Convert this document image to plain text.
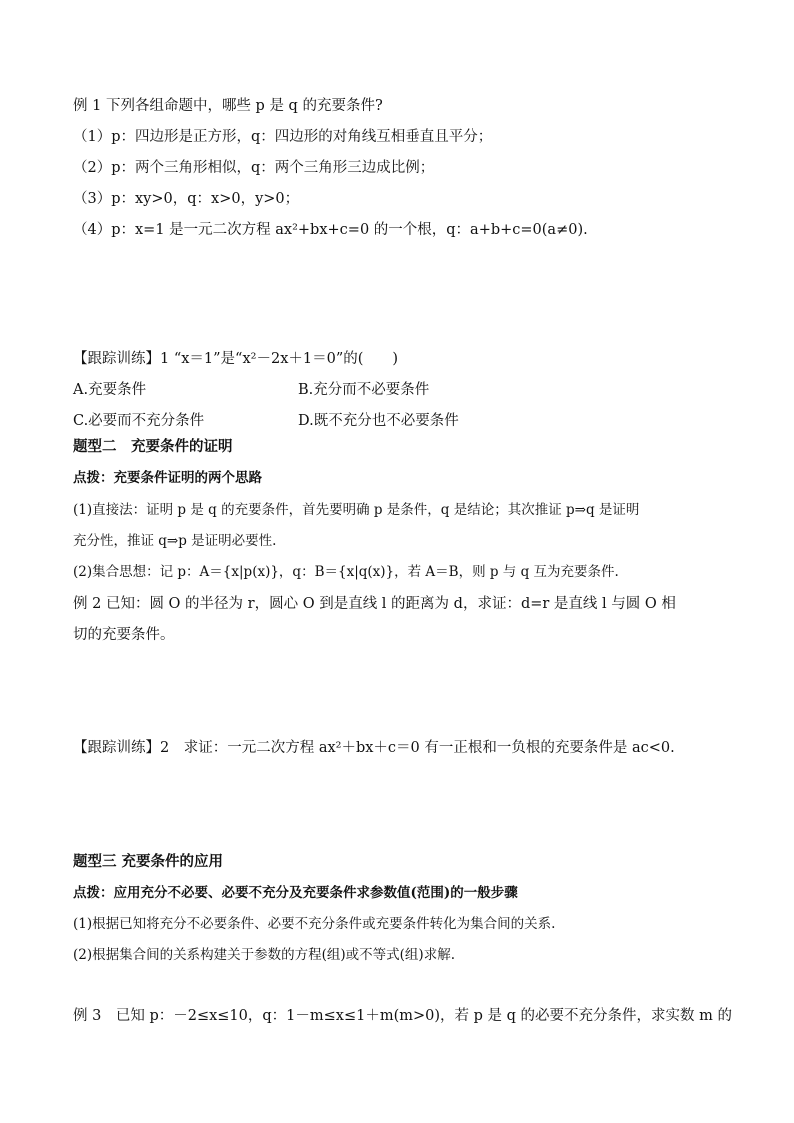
例 1 下列各组命题中，哪些 p 是 q 的充要条件?
（1）p：四边形是正方形，q：四边形的对角线互相垂直且平分；
（2）p：两个三角形相似，q：两个三角形三边成比例；
（3）p：xy>0，q：x>0，y>0；
（4）p：x=1 是一元二次方程 ax²+bx+c=0 的一个根，q：a+b+c=0(a≠0).
【跟踪训练】1 “x＝1”是“x²－2x＋1＝0”的(　　)
A.充要条件	B.充分而不必要条件
C.必要而不充分条件	D.既不充分也不必要条件
题型二　充要条件的证明
点拨：充要条件证明的两个思路
(1)直接法：证明 p 是 q 的充要条件，首先要明确 p 是条件，q 是结论；其次推证 p⇒q 是证明
充分性，推证 q⇒p 是证明必要性.
(2)集合思想：记 p：A＝{x|p(x)}，q：B＝{x|q(x)}，若 A＝B，则 p 与 q 互为充要条件.
例 2 已知：圆 O 的半径为 r，圆心 O 到是直线 l 的距离为 d，求证：d=r 是直线 l 与圆 O 相
切的充要条件。
【跟踪训练】2　求证：一元二次方程 ax²＋bx＋c＝0 有一正根和一负根的充要条件是 ac<0.
题型三 充要条件的应用
点拨：应用充分不必要、必要不充分及充要条件求参数值(范围)的一般步骤
(1)根据已知将充分不必要条件、必要不充分条件或充要条件转化为集合间的关系.
(2)根据集合间的关系构建关于参数的方程(组)或不等式(组)求解.
例 3　已知 p：－2≤x≤10，q：1－m≤x≤1＋m(m>0)，若 p 是 q 的必要不充分条件，求实数 m 的
